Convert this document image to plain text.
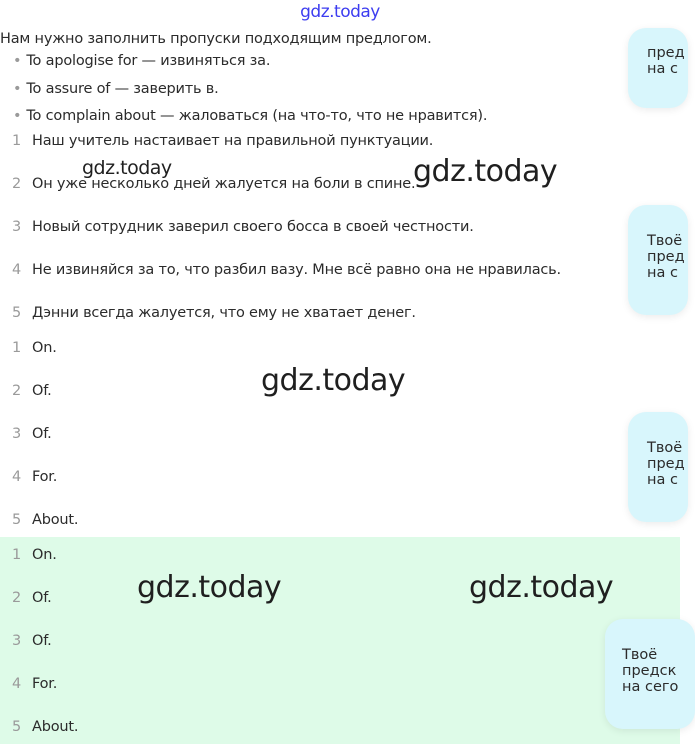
gdz.today
Нам нужно заполнить пропуски подходящим предлогом.
• To apologise for — извиняться за.
• To assure of — заверить в.
• To complain about — жаловаться (на что-то, что не нравится).
1 Наш учитель настаивает на правильной пунктуации.
2 Он уже несколько дней жалуется на боли в спине.
3 Новый сотрудник заверил своего босса в своей честности.
4 Не извиняйся за то, что разбил вазу. Мне всё равно она не нравилась.
5 Дэнни всегда жалуется, что ему не хватает денег.
1 On.
2 Of.
3 Of.
4 For.
5 About.
1 On.
2 Of.
3 Of.
4 For.
5 About.
gdz.today	gdz.today
gdz.today
gdz.today	gdz.today
пред
на с
Твоё
пред
на с
Твоё
пред
на с
Твоё
предск
на сего
